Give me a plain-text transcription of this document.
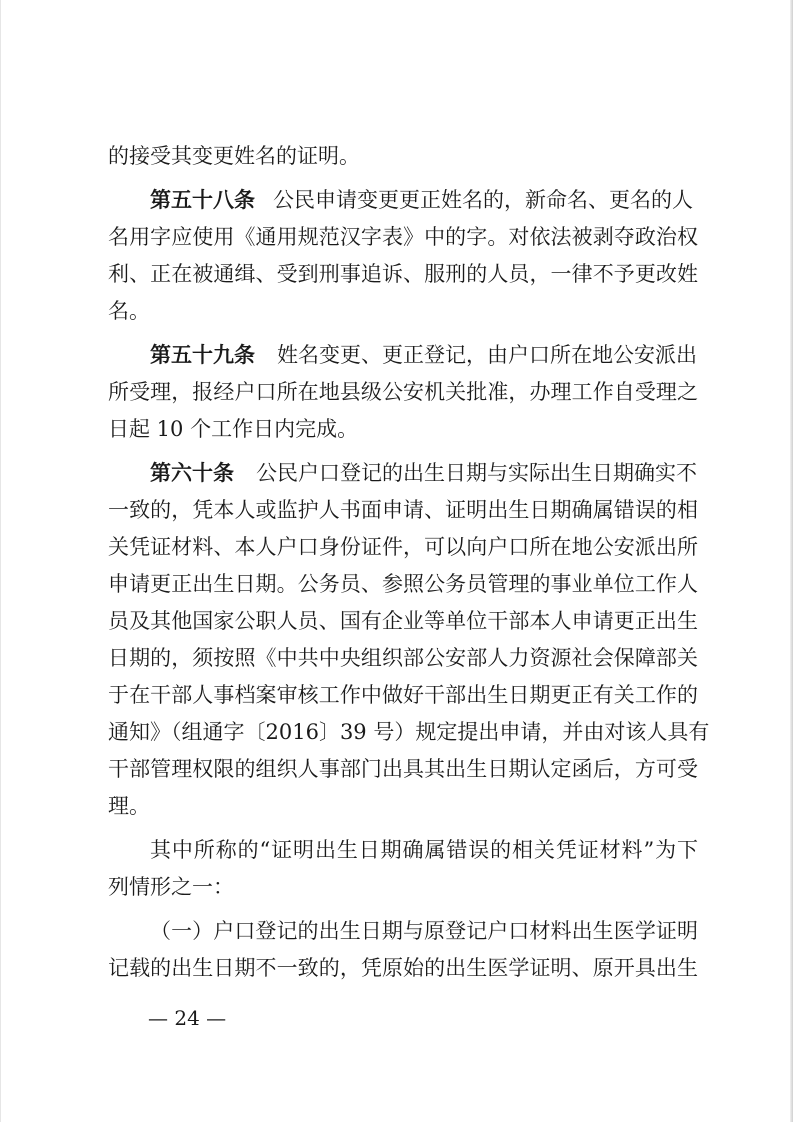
的接受其变更姓名的证明。
第五十八条 公民申请变更更正姓名的，新命名、更名的人
名用字应使用《通用规范汉字表》中的字。对依法被剥夺政治权
利、正在被通缉、受到刑事追诉、服刑的人员，一律不予更改姓
名。
第五十九条 姓名变更、更正登记，由户口所在地公安派出
所受理，报经户口所在地县级公安机关批准，办理工作自受理之
日起 10 个工作日内完成。
第六十条 公民户口登记的出生日期与实际出生日期确实不
一致的，凭本人或监护人书面申请、证明出生日期确属错误的相
关凭证材料、本人户口身份证件，可以向户口所在地公安派出所
申请更正出生日期。公务员、参照公务员管理的事业单位工作人
员及其他国家公职人员、国有企业等单位干部本人申请更正出生
日期的，须按照《中共中央组织部公安部人力资源社会保障部关
于在干部人事档案审核工作中做好干部出生日期更正有关工作的
通知》（组通字〔2016〕39 号）规定提出申请，并由对该人具有
干部管理权限的组织人事部门出具其出生日期认定函后，方可受
理。
其中所称的“证明出生日期确属错误的相关凭证材料”为下
列情形之一：
（一）户口登记的出生日期与原登记户口材料出生医学证明
记载的出生日期不一致的，凭原始的出生医学证明、原开具出生
— 24 —
